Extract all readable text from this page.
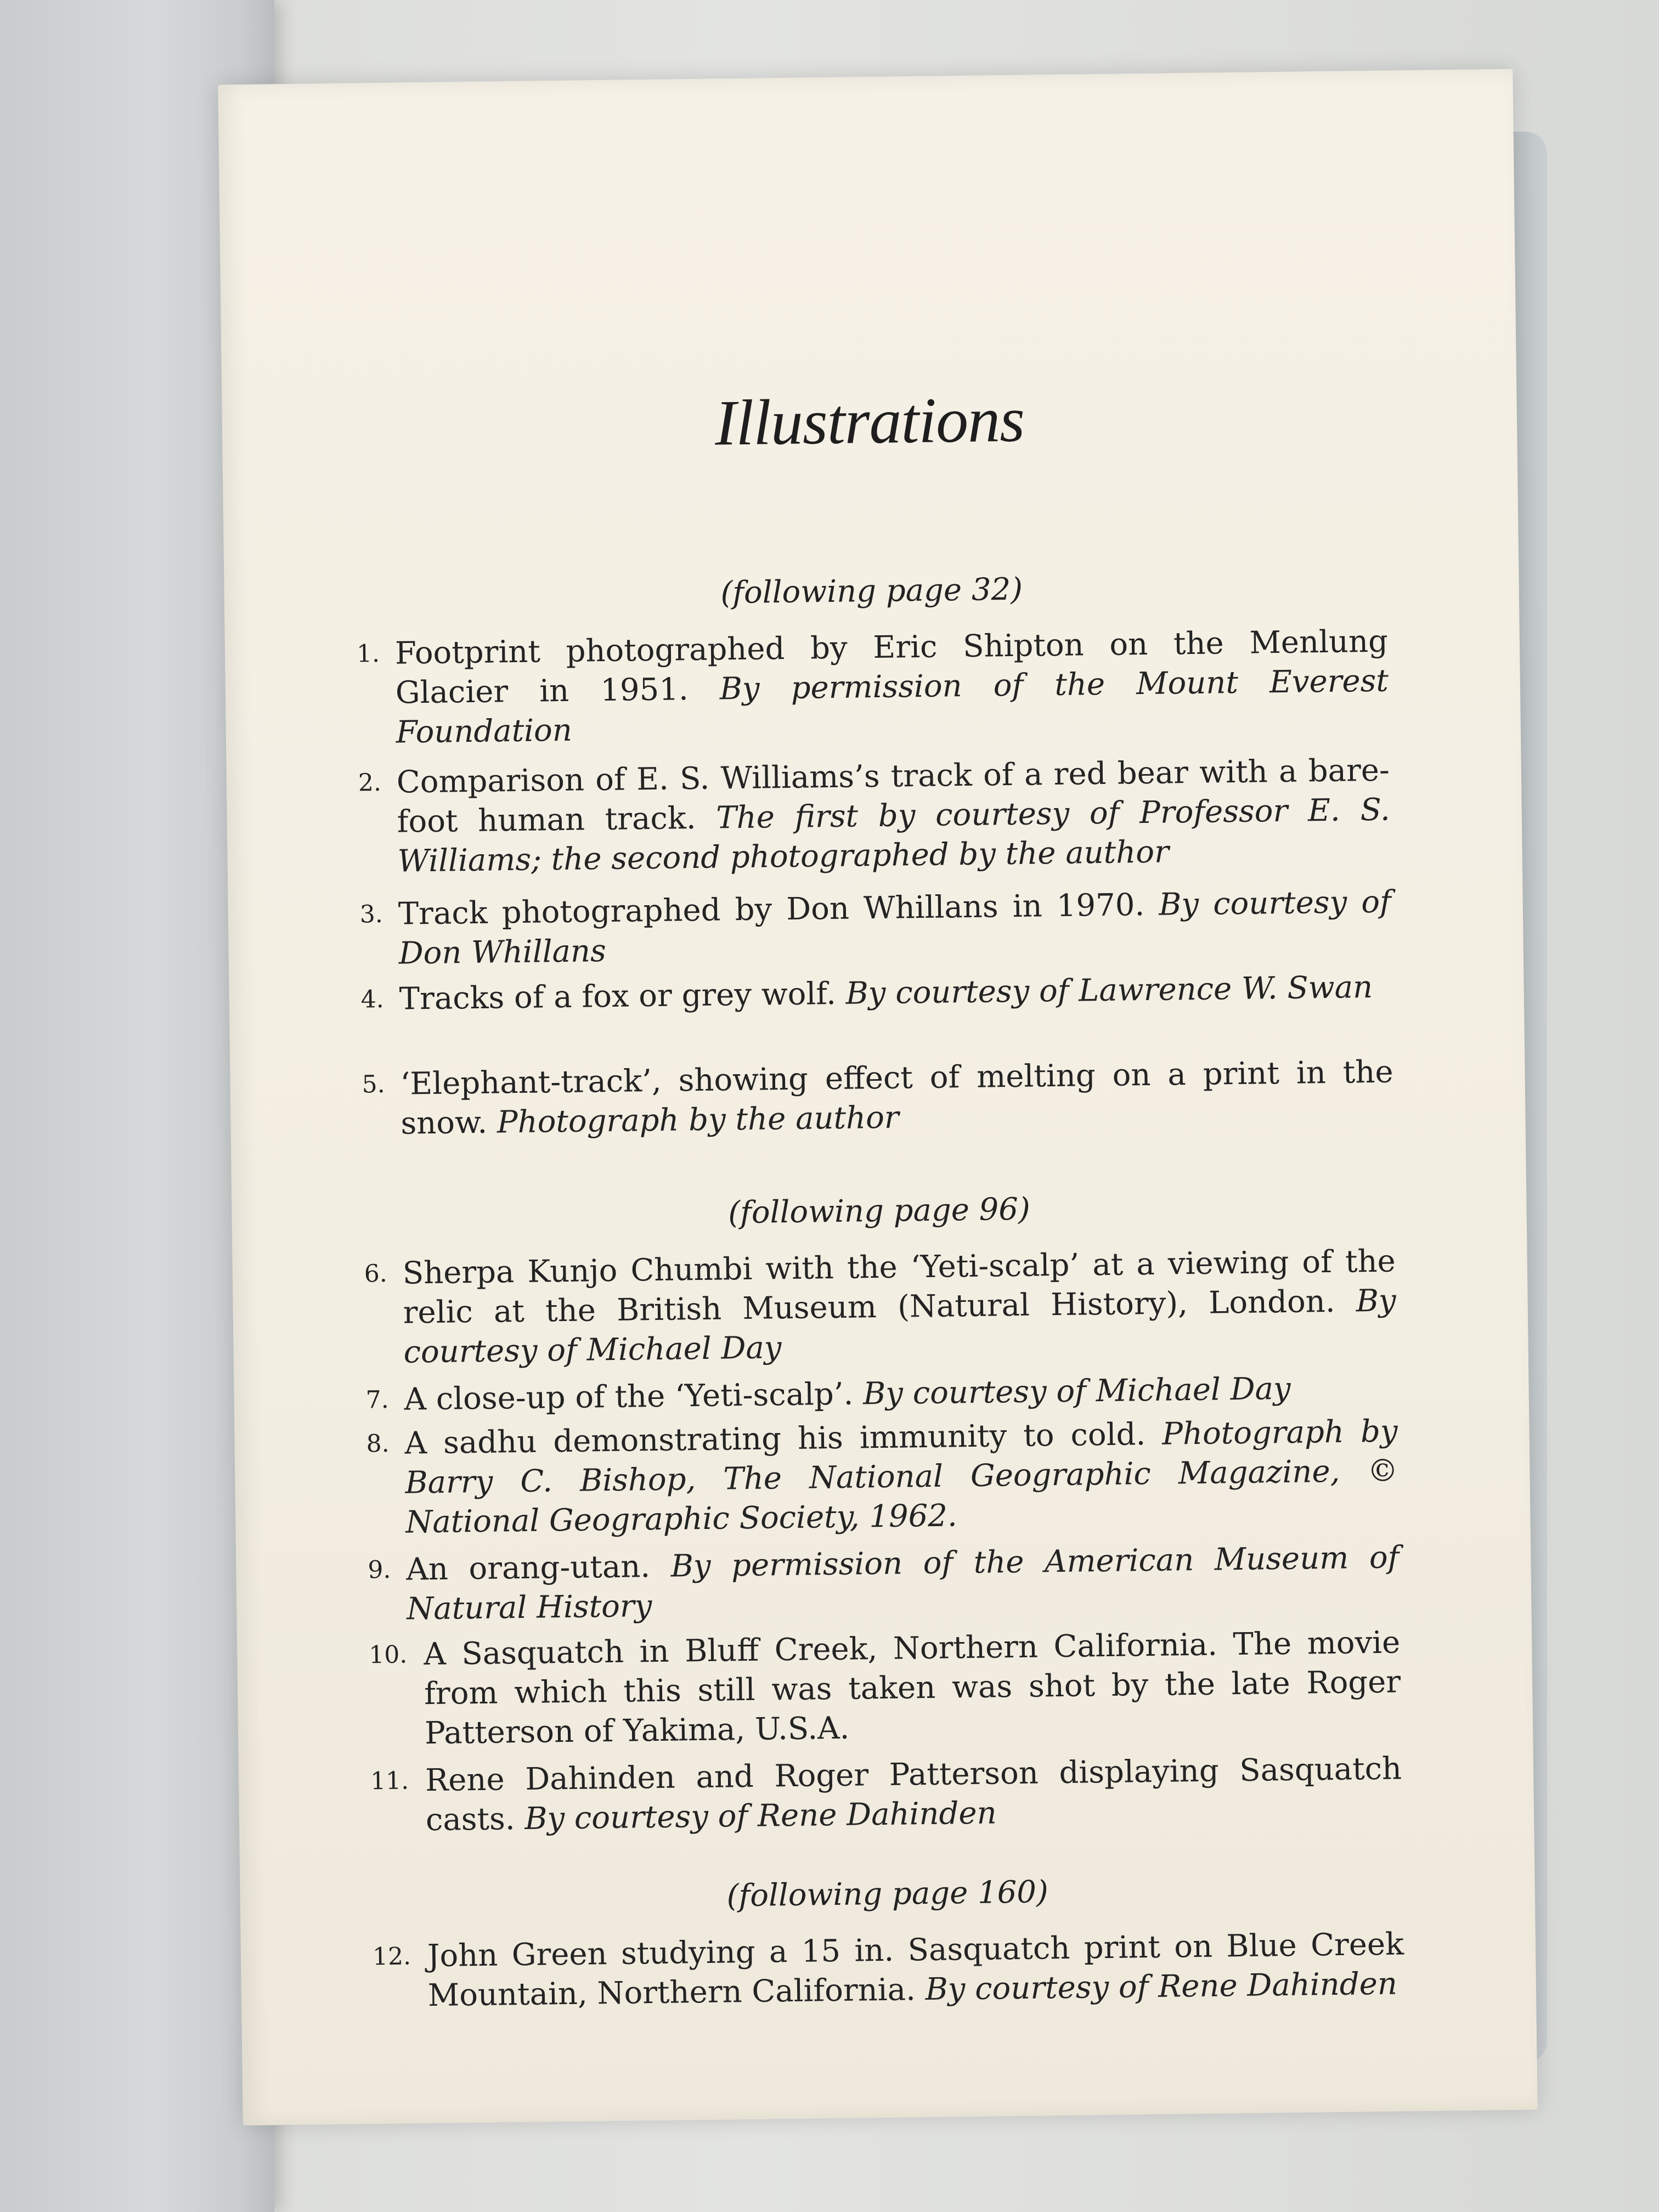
Illustrations
(following page 32)
1. Footprint photographed by Eric Shipton on the Menlung Glacier in 1951. By permission of the Mount Everest Foundation
2. Comparison of E. S. Williams’s track of a red bear with a bare-foot human track. The first by courtesy of Professor E. S. Williams; the second photographed by the author
3. Track photographed by Don Whillans in 1970. By courtesy of Don Whillans
4. Tracks of a fox or grey wolf. By courtesy of Lawrence W. Swan
5. ‘Elephant-track’, showing effect of melting on a print in the snow. Photograph by the author
(following page 96)
6. Sherpa Kunjo Chumbi with the ‘Yeti-scalp’ at a viewing of the relic at the British Museum (Natural History), London. By courtesy of Michael Day
7. A close-up of the ‘Yeti-scalp’. By courtesy of Michael Day
8. A sadhu demonstrating his immunity to cold. Photograph by Barry C. Bishop, The National Geographic Magazine, © National Geographic Society, 1962.
9. An orang-utan. By permission of the American Museum of Natural History
10. A Sasquatch in Bluff Creek, Northern California. The movie from which this still was taken was shot by the late Roger Patterson of Yakima, U.S.A.
11. Rene Dahinden and Roger Patterson displaying Sasquatch casts. By courtesy of Rene Dahinden
(following page 160)
12. John Green studying a 15 in. Sasquatch print on Blue Creek Mountain, Northern California. By courtesy of Rene Dahinden
